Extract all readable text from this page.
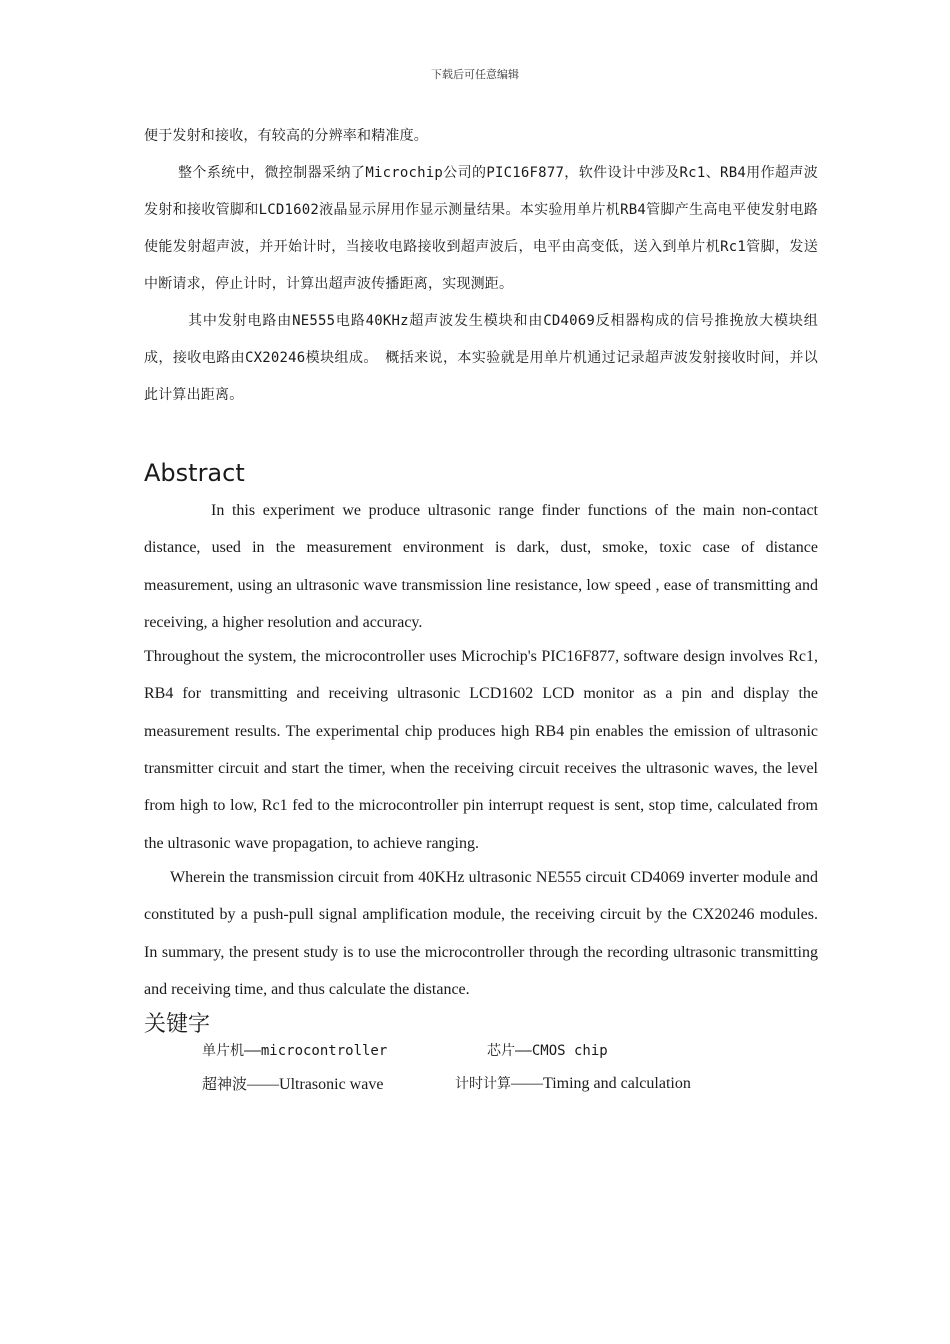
下载后可任意编辑

便于发射和接收，有较高的分辨率和精准度。

整个系统中，微控制器采纳了Microchip公司的PIC16F877，软件设计中涉及Rc1、RB4用作超声波发射和接收管脚和LCD1602液晶显示屏用作显示测量结果。本实验用单片机RB4管脚产生高电平使发射电路使能发射超声波，并开始计时，当接收电路接收到超声波后，电平由高变低，送入到单片机Rc1管脚，发送中断请求，停止计时，计算出超声波传播距离，实现测距。

其中发射电路由NE555电路40KHz超声波发生模块和由CD4069反相器构成的信号推挽放大模块组成，接收电路由CX20246模块组成。　概括来说，本实验就是用单片机通过记录超声波发射接收时间，并以此计算出距离。

Abstract

In this experiment we produce ultrasonic range finder functions of the main non-contact distance, used in the measurement environment is dark, dust, smoke, toxic case of distance measurement, using an ultrasonic wave transmission line resistance, low speed , ease of transmitting and receiving, a higher resolution and accuracy.

Throughout the system, the microcontroller uses Microchip's PIC16F877, software design involves Rc1, RB4 for transmitting and receiving ultrasonic LCD1602 LCD monitor as a pin and display the measurement results. The experimental chip produces high RB4 pin enables the emission of ultrasonic transmitter circuit and start the timer, when the receiving circuit receives the ultrasonic waves, the level from high to low, Rc1 fed to the microcontroller pin interrupt request is sent, stop time, calculated from the ultrasonic wave propagation, to achieve ranging.

Wherein the transmission circuit from 40KHz ultrasonic NE555 circuit CD4069 inverter module and constituted by a push-pull signal amplification module, the receiving circuit by the CX20246 modules. In summary, the present study is to use the microcontroller through the recording ultrasonic transmitting and receiving time, and thus calculate the distance.

关键字
单片机——microcontroller	芯片——CMOS chip
超神波——Ultrasonic wave	计时计算——Timing and calculation
